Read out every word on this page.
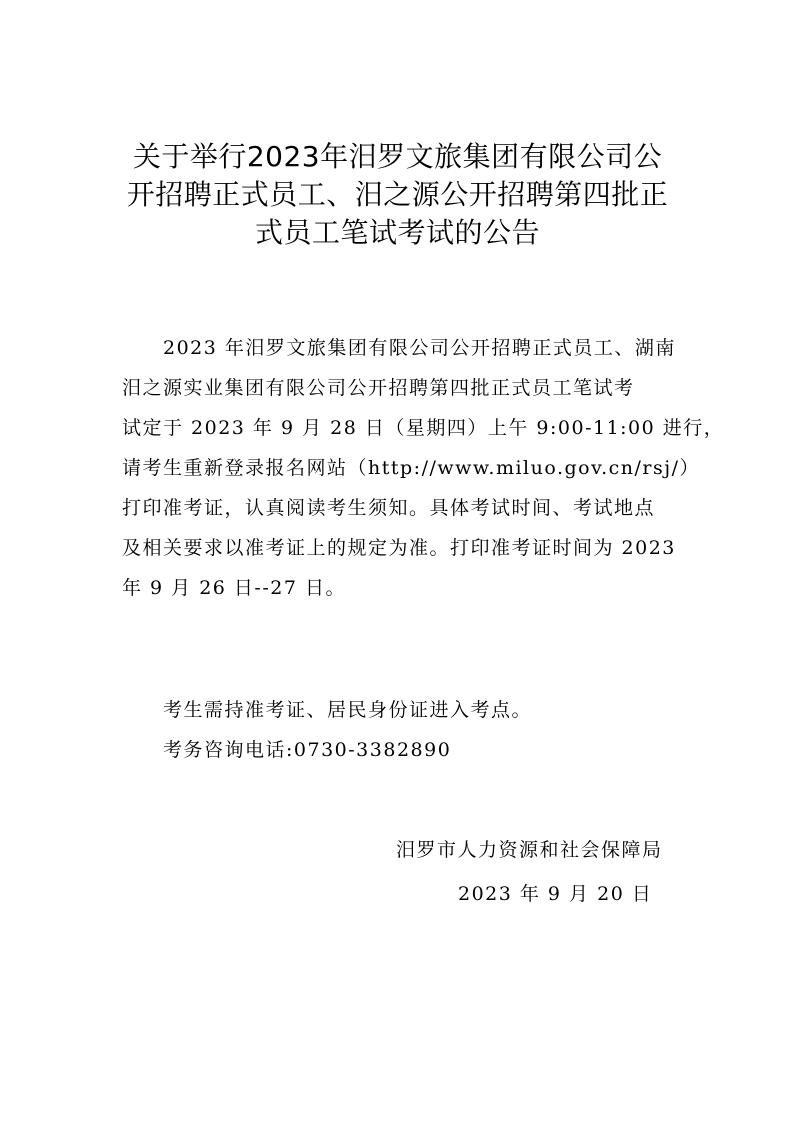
关于举行2023年汨罗文旅集团有限公司公
开招聘正式员工、汨之源公开招聘第四批正
式员工笔试考试的公告
　　2023 年汨罗文旅集团有限公司公开招聘正式员工、湖南
汨之源实业集团有限公司公开招聘第四批正式员工笔试考
试定于 2023 年 9 月 28 日（星期四）上午 9:00-11:00 进行，
请考生重新登录报名网站（http://www.miluo.gov.cn/rsj/）
打印准考证，认真阅读考生须知。具体考试时间、考试地点
及相关要求以准考证上的规定为准。打印准考证时间为 2023
年 9 月 26 日--27 日。
考生需持准考证、居民身份证进入考点。
考务咨询电话:0730-3382890
汨罗市人力资源和社会保障局
2023 年 9 月 20 日
